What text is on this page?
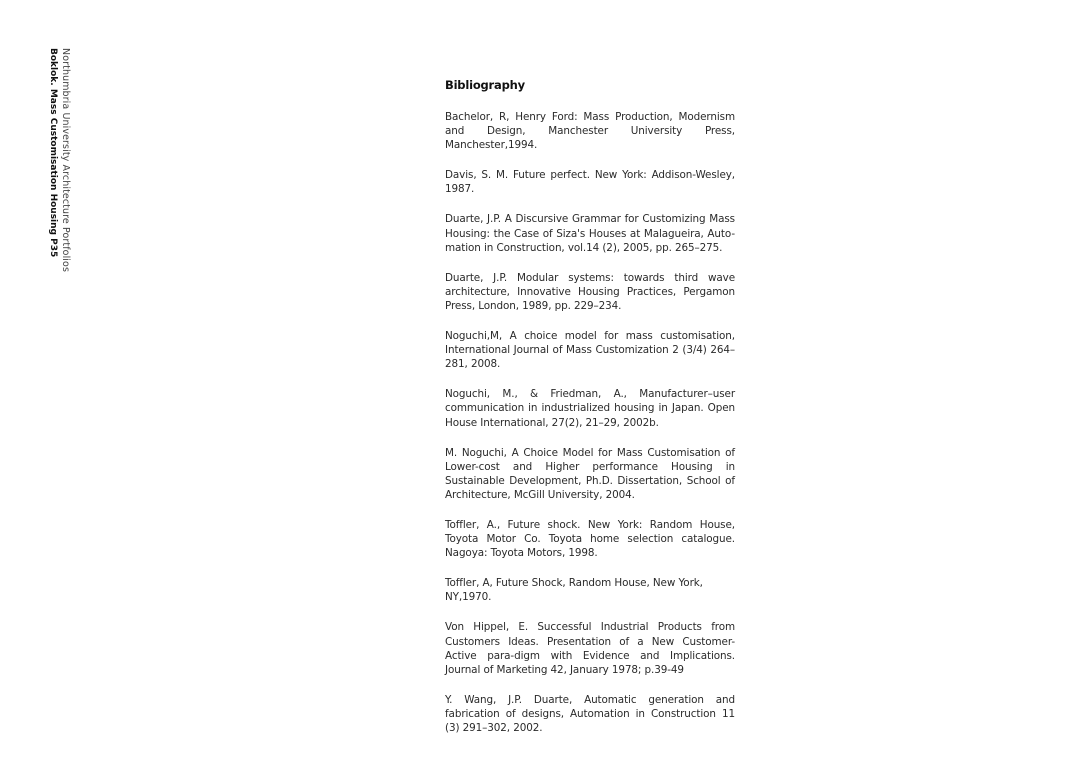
Northumbria University Architecture Portfolios
Boklok. Mass Customisation Housing P35	Bibliography

Bachelor, R, Henry Ford: Mass Production, Modernism and Design, Manchester University Press, Manchester,1994.

Davis, S. M. Future perfect. New York: Addison-Wesley, 1987.

Duarte, J.P. A Discursive Grammar for Customizing Mass Housing: the Case of Siza's Houses at Malagueira, Auto-mation in Construction, vol.14 (2), 2005, pp. 265–275.

Duarte, J.P. Modular systems: towards third wave architecture, Innovative Housing Practices, Pergamon Press, London, 1989, pp. 229–234.

Noguchi,M, A choice model for mass customisation, International Journal of Mass Customization 2 (3/4) 264–281, 2008.

Noguchi, M., & Friedman, A., Manufacturer–user communication in industrialized housing in Japan. Open House International, 27(2), 21–29, 2002b.

M. Noguchi, A Choice Model for Mass Customisation of Lower-cost and Higher performance Housing in Sustainable Development, Ph.D. Dissertation, School of Architecture, McGill University, 2004.

Toffler, A., Future shock. New York: Random House, Toyota Motor Co. Toyota home selection catalogue. Nagoya: Toyota Motors, 1998.

Toffler, A, Future Shock, Random House, New York, NY,1970.

Von Hippel, E. Successful Industrial Products from Customers Ideas. Presentation of a New Customer-Active para-digm with Evidence and Implications. Journal of Marketing 42, January 1978; p.39-49

Y. Wang, J.P. Duarte, Automatic generation and fabrication of designs, Automation in Construction 11 (3) 291–302, 2002.
